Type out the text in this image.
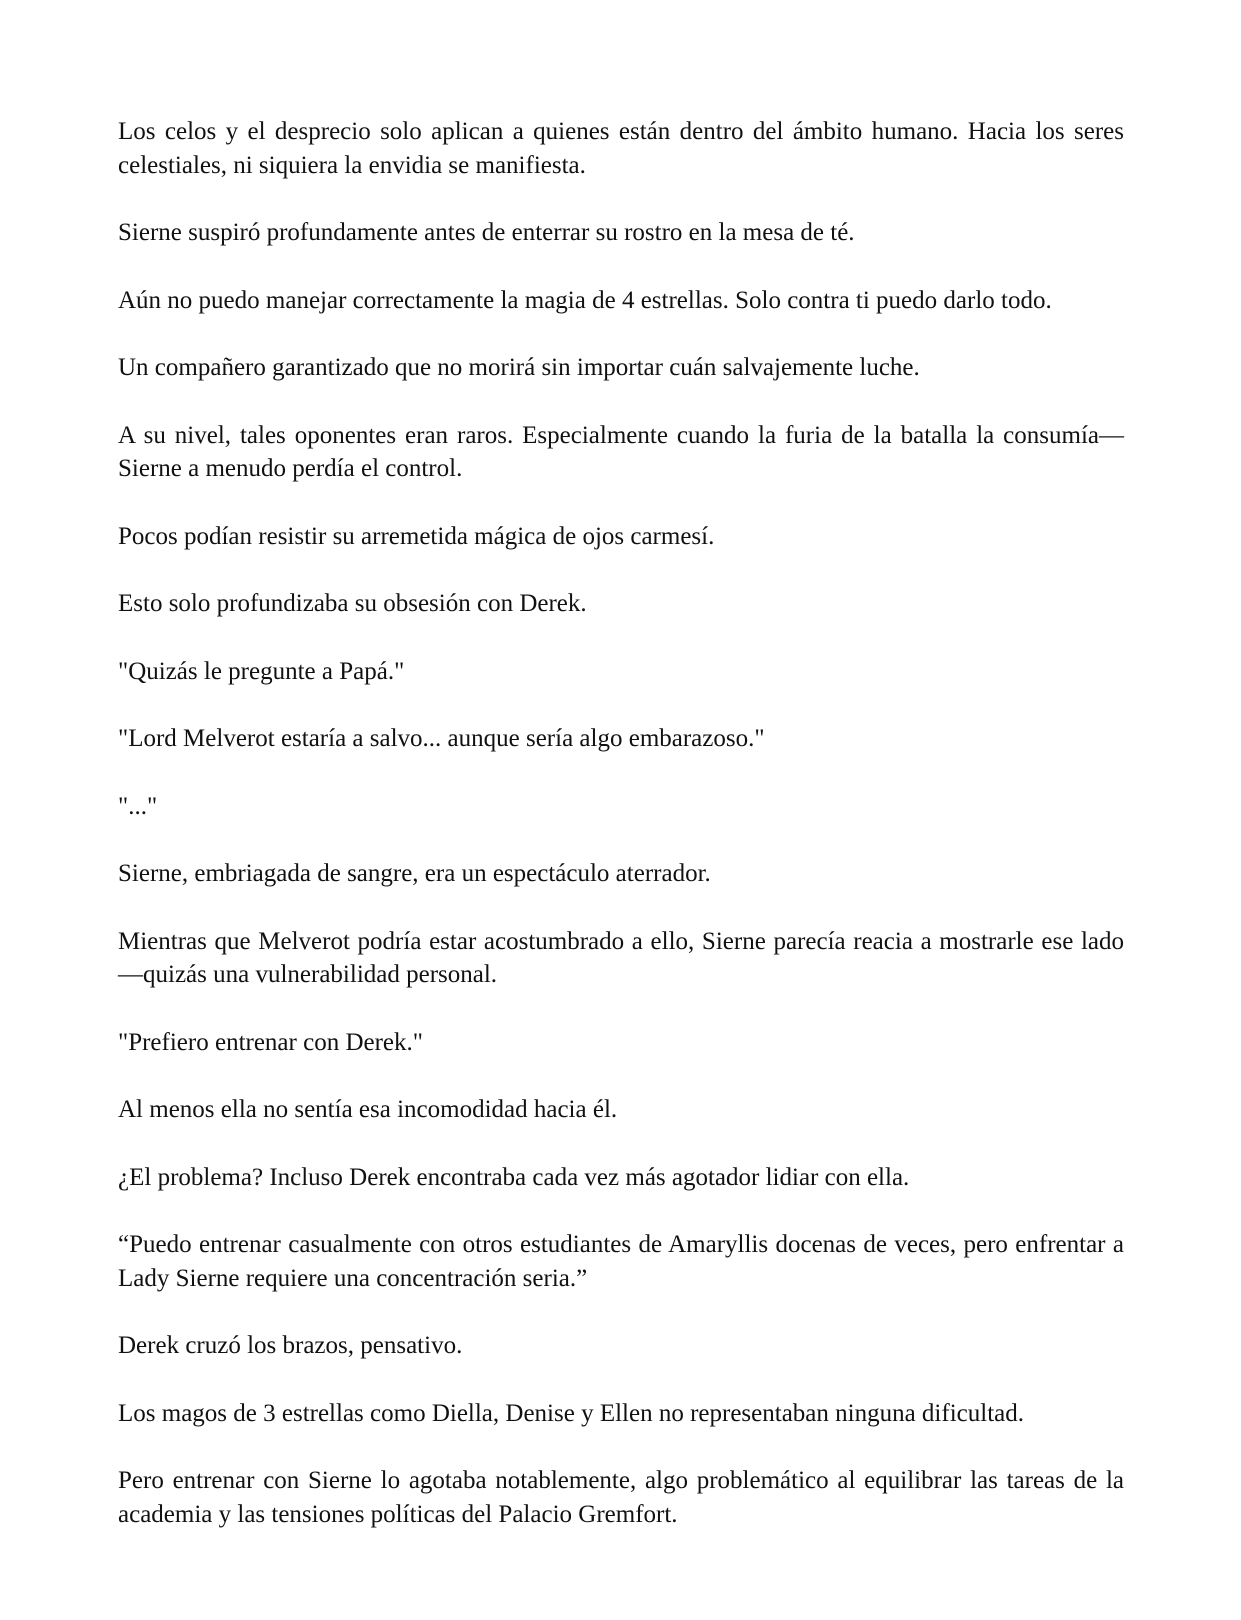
Los celos y el desprecio solo aplican a quienes están dentro del ámbito humano. Hacia los seres celestiales, ni siquiera la envidia se manifiesta.

Sierne suspiró profundamente antes de enterrar su rostro en la mesa de té.

Aún no puedo manejar correctamente la magia de 4 estrellas. Solo contra ti puedo darlo todo.

Un compañero garantizado que no morirá sin importar cuán salvajemente luche.

A su nivel, tales oponentes eran raros. Especialmente cuando la furia de la batalla la consumía—Sierne a menudo perdía el control.

Pocos podían resistir su arremetida mágica de ojos carmesí.

Esto solo profundizaba su obsesión con Derek.

"Quizás le pregunte a Papá."

"Lord Melverot estaría a salvo... aunque sería algo embarazoso."

"..."

Sierne, embriagada de sangre, era un espectáculo aterrador.

Mientras que Melverot podría estar acostumbrado a ello, Sierne parecía reacia a mostrarle ese lado—quizás una vulnerabilidad personal.

"Prefiero entrenar con Derek."

Al menos ella no sentía esa incomodidad hacia él.

¿El problema? Incluso Derek encontraba cada vez más agotador lidiar con ella.

“Puedo entrenar casualmente con otros estudiantes de Amaryllis docenas de veces, pero enfrentar a Lady Sierne requiere una concentración seria.”

Derek cruzó los brazos, pensativo.

Los magos de 3 estrellas como Diella, Denise y Ellen no representaban ninguna dificultad.

Pero entrenar con Sierne lo agotaba notablemente, algo problemático al equilibrar las tareas de la academia y las tensiones políticas del Palacio Gremfort.
